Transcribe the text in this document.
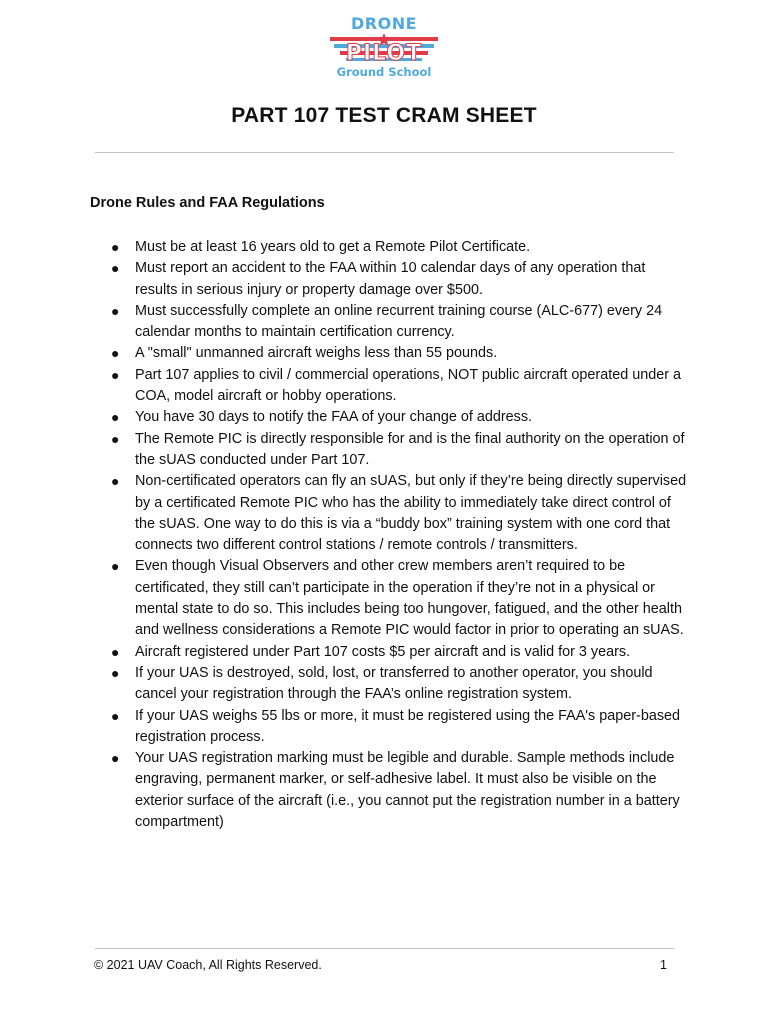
DRONE
PILOT
Ground School
PART 107 TEST CRAM SHEET
Drone Rules and FAA Regulations
● Must be at least 16 years old to get a Remote Pilot Certificate.
● Must report an accident to the FAA within 10 calendar days of any operation that results in serious injury or property damage over $500.
● Must successfully complete an online recurrent training course (ALC-677) every 24 calendar months to maintain certification currency.
● A "small" unmanned aircraft weighs less than 55 pounds.
● Part 107 applies to civil / commercial operations, NOT public aircraft operated under a COA, model aircraft or hobby operations.
● You have 30 days to notify the FAA of your change of address.
● The Remote PIC is directly responsible for and is the final authority on the operation of the sUAS conducted under Part 107.
● Non-certificated operators can fly an sUAS, but only if they’re being directly supervised by a certificated Remote PIC who has the ability to immediately take direct control of the sUAS. One way to do this is via a “buddy box” training system with one cord that connects two different control stations / remote controls / transmitters.
● Even though Visual Observers and other crew members aren’t required to be certificated, they still can’t participate in the operation if they’re not in a physical or mental state to do so. This includes being too hungover, fatigued, and the other health and wellness considerations a Remote PIC would factor in prior to operating an sUAS.
● Aircraft registered under Part 107 costs $5 per aircraft and is valid for 3 years.
● If your UAS is destroyed, sold, lost, or transferred to another operator, you should cancel your registration through the FAA’s online registration system.
● If your UAS weighs 55 lbs or more, it must be registered using the FAA's paper-based registration process.
● Your UAS registration marking must be legible and durable. Sample methods include engraving, permanent marker, or self-adhesive label. It must also be visible on the exterior surface of the aircraft (i.e., you cannot put the registration number in a battery compartment)
© 2021 UAV Coach, All Rights Reserved.	1
